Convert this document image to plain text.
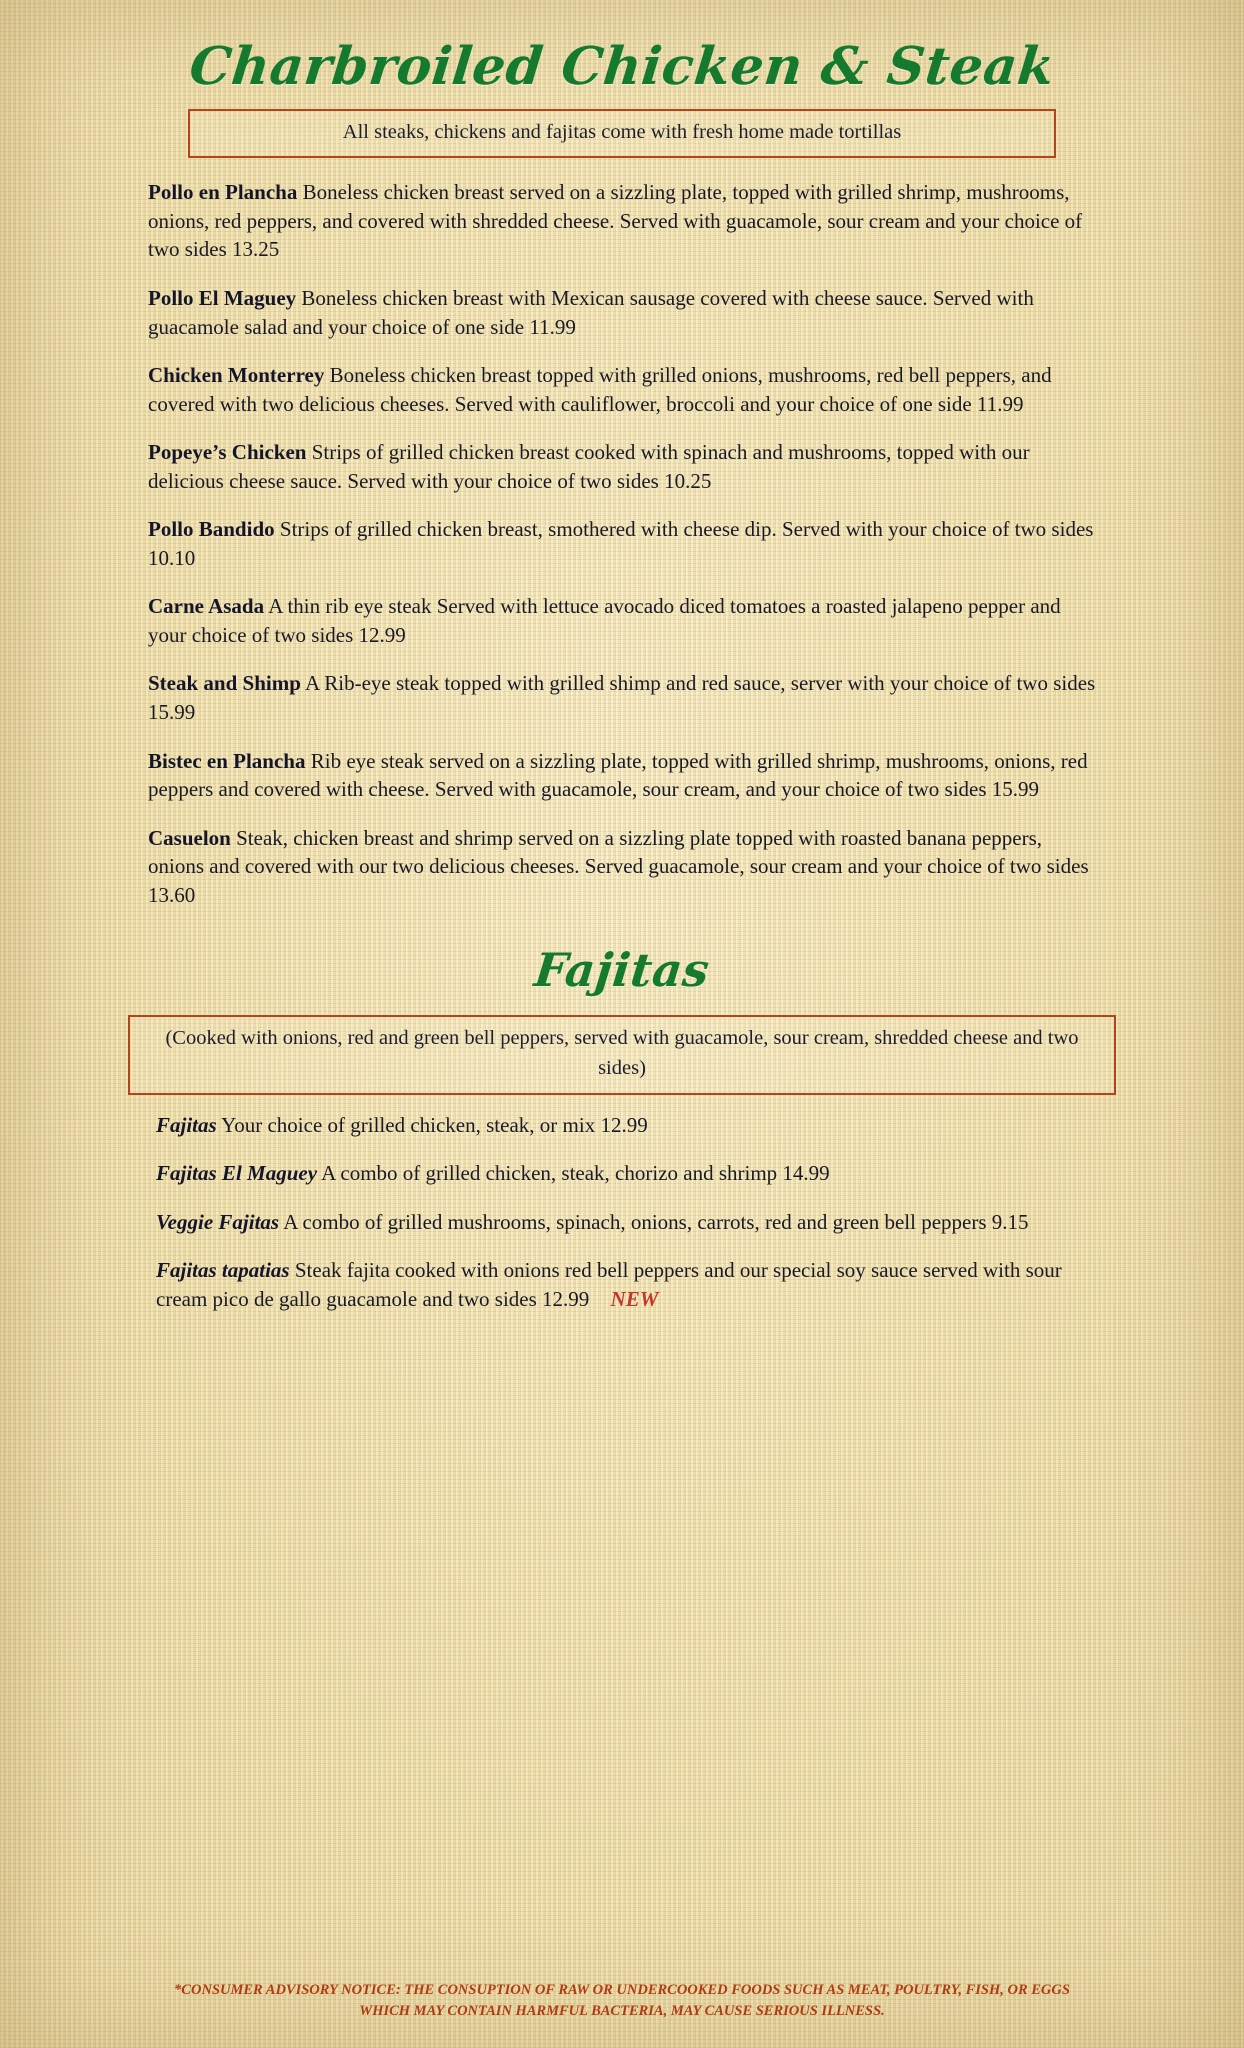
Charbroiled Chicken & Steak
All steaks, chickens and fajitas come with fresh home made tortillas
Pollo en Plancha Boneless chicken breast served on a sizzling plate, topped with grilled shrimp, mushrooms, onions, red peppers, and covered with shredded cheese. Served with guacamole, sour cream and your choice of two sides 13.25
Pollo El Maguey Boneless chicken breast with Mexican sausage covered with cheese sauce. Served with guacamole salad and your choice of one side 11.99
Chicken Monterrey Boneless chicken breast topped with grilled onions, mushrooms, red bell peppers, and covered with two delicious cheeses. Served with cauliflower, broccoli and your choice of one side 11.99
Popeye’s Chicken Strips of grilled chicken breast cooked with spinach and mushrooms, topped with our delicious cheese sauce. Served with your choice of two sides 10.25
Pollo Bandido Strips of grilled chicken breast, smothered with cheese dip. Served with your choice of two sides 10.10
Carne Asada A thin rib eye steak Served with lettuce avocado diced tomatoes a roasted jalapeno pepper and your choice of two sides 12.99
Steak and Shimp A Rib-eye steak topped with grilled shimp and red sauce, server with your choice of two sides 15.99
Bistec en Plancha Rib eye steak served on a sizzling plate, topped with grilled shrimp, mushrooms, onions, red peppers and covered with cheese. Served with guacamole, sour cream, and your choice of two sides 15.99
Casuelon Steak, chicken breast and shrimp served on a sizzling plate topped with roasted banana peppers, onions and covered with our two delicious cheeses. Served guacamole, sour cream and your choice of two sides 13.60
Fajitas
(Cooked with onions, red and green bell peppers, served with guacamole, sour cream, shredded cheese and two sides)
Fajitas Your choice of grilled chicken, steak, or mix 12.99
Fajitas El Maguey A combo of grilled chicken, steak, chorizo and shrimp 14.99
Veggie Fajitas A combo of grilled mushrooms, spinach, onions, carrots, red and green bell peppers 9.15
Fajitas tapatias Steak fajita cooked with onions red bell peppers and our special soy sauce served with sour cream pico de gallo guacamole and two sides 12.99 NEW
*CONSUMER ADVISORY NOTICE: THE CONSUPTION OF RAW OR UNDERCOOKED FOODS SUCH AS MEAT, POULTRY, FISH, OR EGGS
WHICH MAY CONTAIN HARMFUL BACTERIA, MAY CAUSE SERIOUS ILLNESS.
